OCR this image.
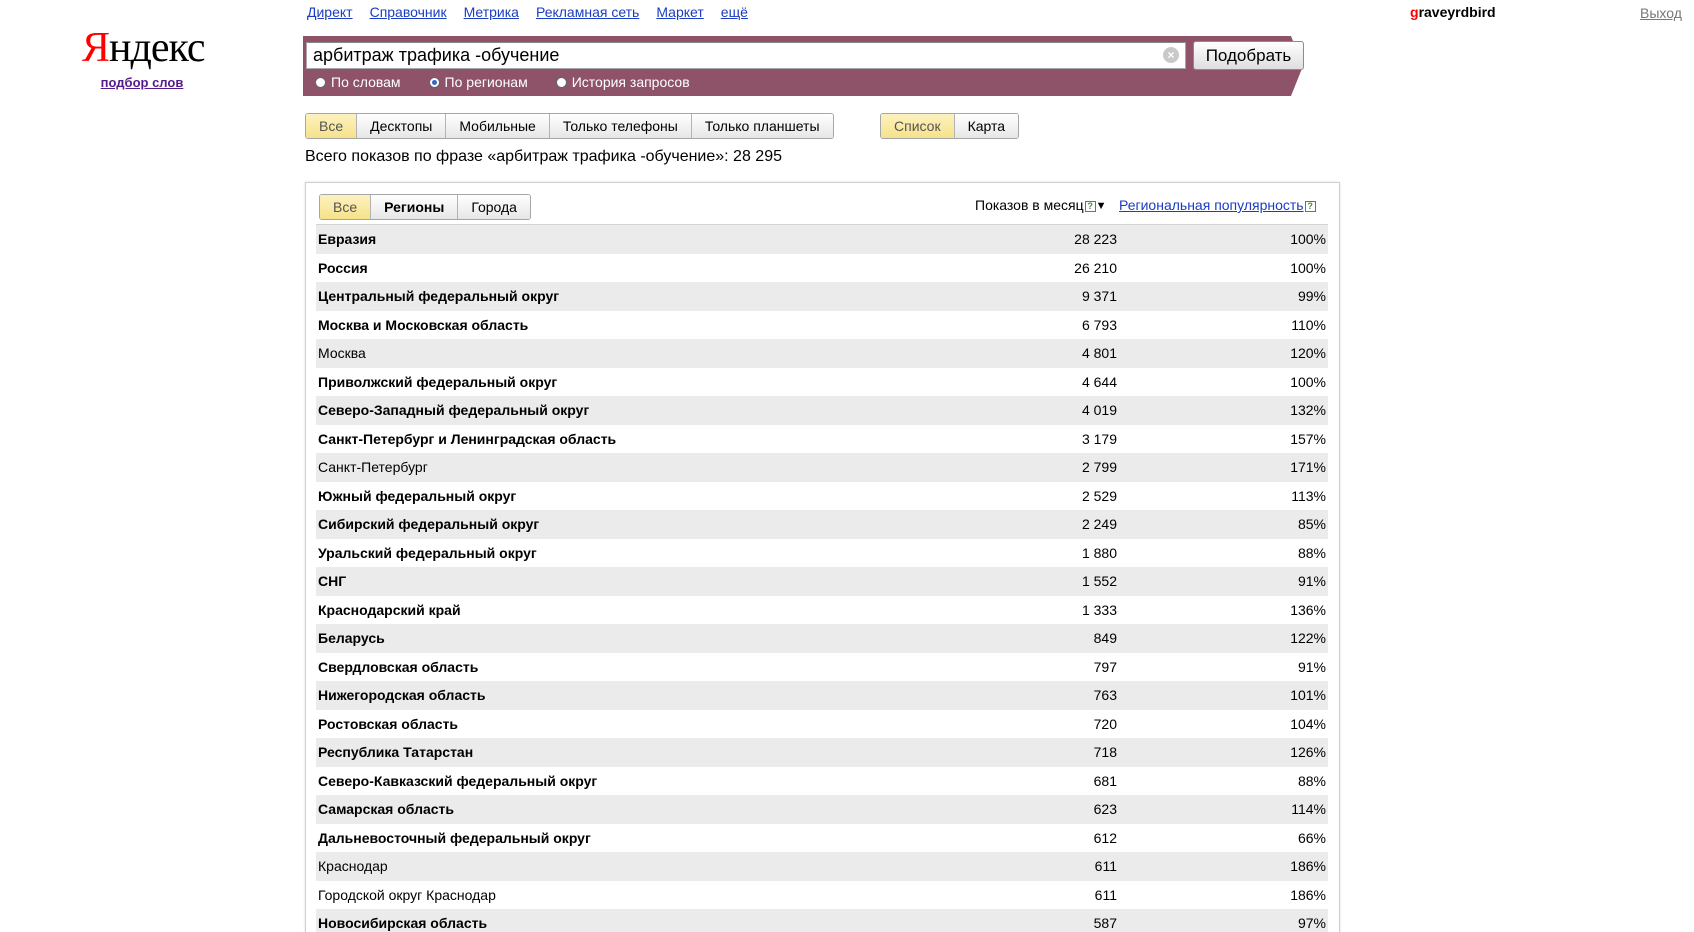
Яндекс
подбор слов
Директ Справочник Метрика Рекламная сеть Маркет ещё	graveyrdbird	Выход
арбитраж трафика -обучение	×	Подобрать
По словам	По регионам	История запросов
Все	Десктопы	Мобильные	Только телефоны	Только планшеты	Список	Карта
Всего показов по фразе «арбитраж трафика -обучение»: 28 295
Все	Регионы	Города	Показов в месяц ? ▼ Региональная популярность ?
Евразия	28 223	100%
Россия	26 210	100%
Центральный федеральный округ	9 371	99%
Москва и Московская область	6 793	110%
Москва	4 801	120%
Приволжский федеральный округ	4 644	100%
Северо-Западный федеральный округ	4 019	132%
Санкт-Петербург и Ленинградская область	3 179	157%
Санкт-Петербург	2 799	171%
Южный федеральный округ	2 529	113%
Сибирский федеральный округ	2 249	85%
Уральский федеральный округ	1 880	88%
СНГ	1 552	91%
Краснодарский край	1 333	136%
Беларусь	849	122%
Свердловская область	797	91%
Нижегородская область	763	101%
Ростовская область	720	104%
Республика Татарстан	718	126%
Северо-Кавказский федеральный округ	681	88%
Самарская область	623	114%
Дальневосточный федеральный округ	612	66%
Краснодар	611	186%
Городской округ Краснодар	611	186%
Новосибирская область	587	97%
